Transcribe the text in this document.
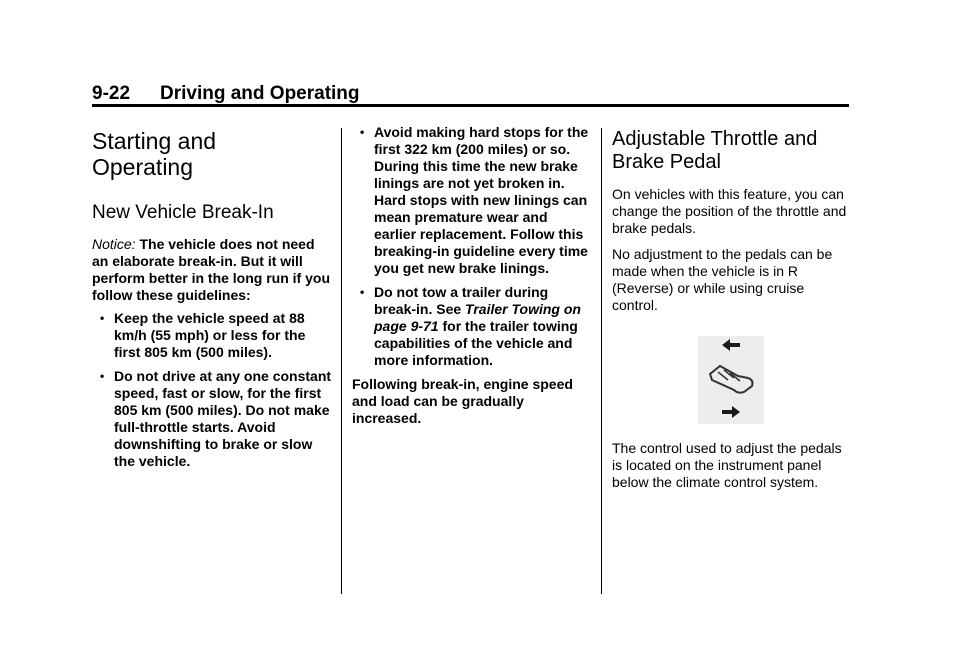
9-22 Driving and Operating
Starting and
Operating
New Vehicle Break-In

Notice: The vehicle does not need an elaborate break-in. But it will perform better in the long run if you follow these guidelines:

• Keep the vehicle speed at 88 km/h (55 mph) or less for the first 805 km (500 miles).
• Do not drive at any one constant speed, fast or slow, for the first 805 km (500 miles). Do not make full-throttle starts. Avoid downshifting to brake or slow the vehicle.
• Avoid making hard stops for the first 322 km (200 miles) or so. During this time the new brake linings are not yet broken in. Hard stops with new linings can mean premature wear and earlier replacement. Follow this breaking-in guideline every time you get new brake linings.
• Do not tow a trailer during break-in. See Trailer Towing on page 9-71 for the trailer towing capabilities of the vehicle and more information.

Following break-in, engine speed and load can be gradually increased.

Adjustable Throttle and
Brake Pedal

On vehicles with this feature, you can change the position of the throttle and brake pedals.

No adjustment to the pedals can be made when the vehicle is in R (Reverse) or while using cruise control.

The control used to adjust the pedals is located on the instrument panel below the climate control system.
